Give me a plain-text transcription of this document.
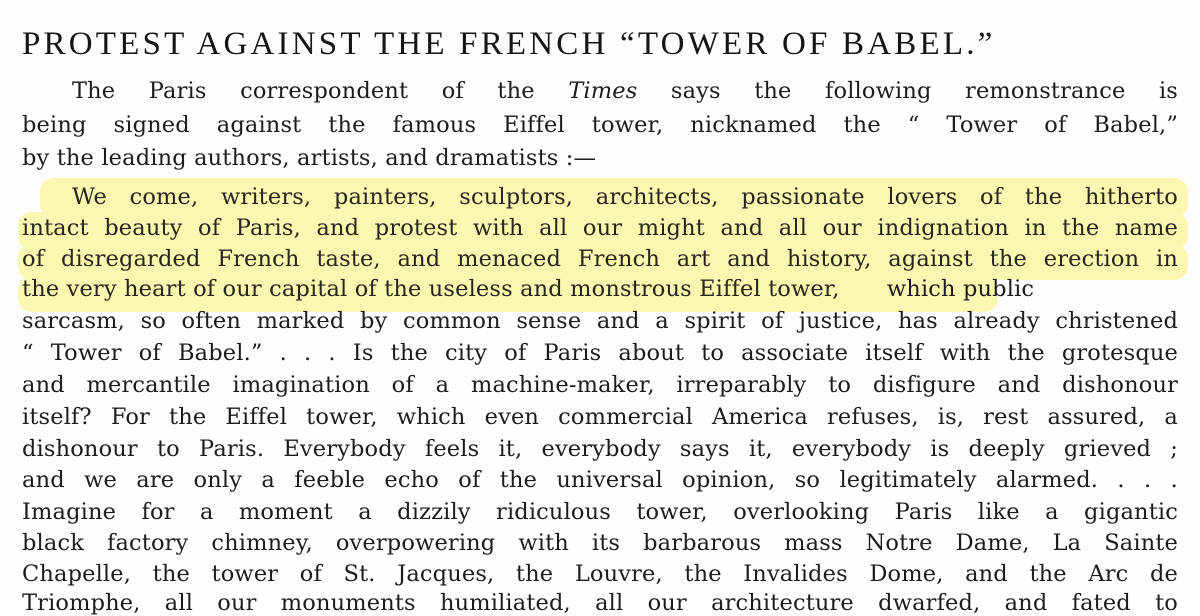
PROTEST AGAINST THE FRENCH “TOWER OF BABEL.”
The Paris correspondent of the Times says the following remonstrance is
being signed against the famous Eiffel tower, nicknamed the “ Tower of Babel,”
by the leading authors, artists, and dramatists :—
We come, writers, painters, sculptors, architects, passionate lovers of the hitherto
intact beauty of Paris, and protest with all our might and all our indignation in the name
of disregarded French taste, and menaced French art and history, against the erection in
the very heart of our capital of the useless and monstrous Eiffel tower, which public
sarcasm, so often marked by common sense and a spirit of justice, has already christened
“ Tower of Babel.” . . . Is the city of Paris about to associate itself with the grotesque
and mercantile imagination of a machine-maker, irreparably to disfigure and dishonour
itself? For the Eiffel tower, which even commercial America refuses, is, rest assured, a
dishonour to Paris. Everybody feels it, everybody says it, everybody is deeply grieved ;
and we are only a feeble echo of the universal opinion, so legitimately alarmed. . . .
Imagine for a moment a dizzily ridiculous tower, overlooking Paris like a gigantic
black factory chimney, overpowering with its barbarous mass Notre Dame, La Sainte
Chapelle, the tower of St. Jacques, the Louvre, the Invalides Dome, and the Arc de
Triomphe, all our monuments humiliated, all our architecture dwarfed, and fated to
